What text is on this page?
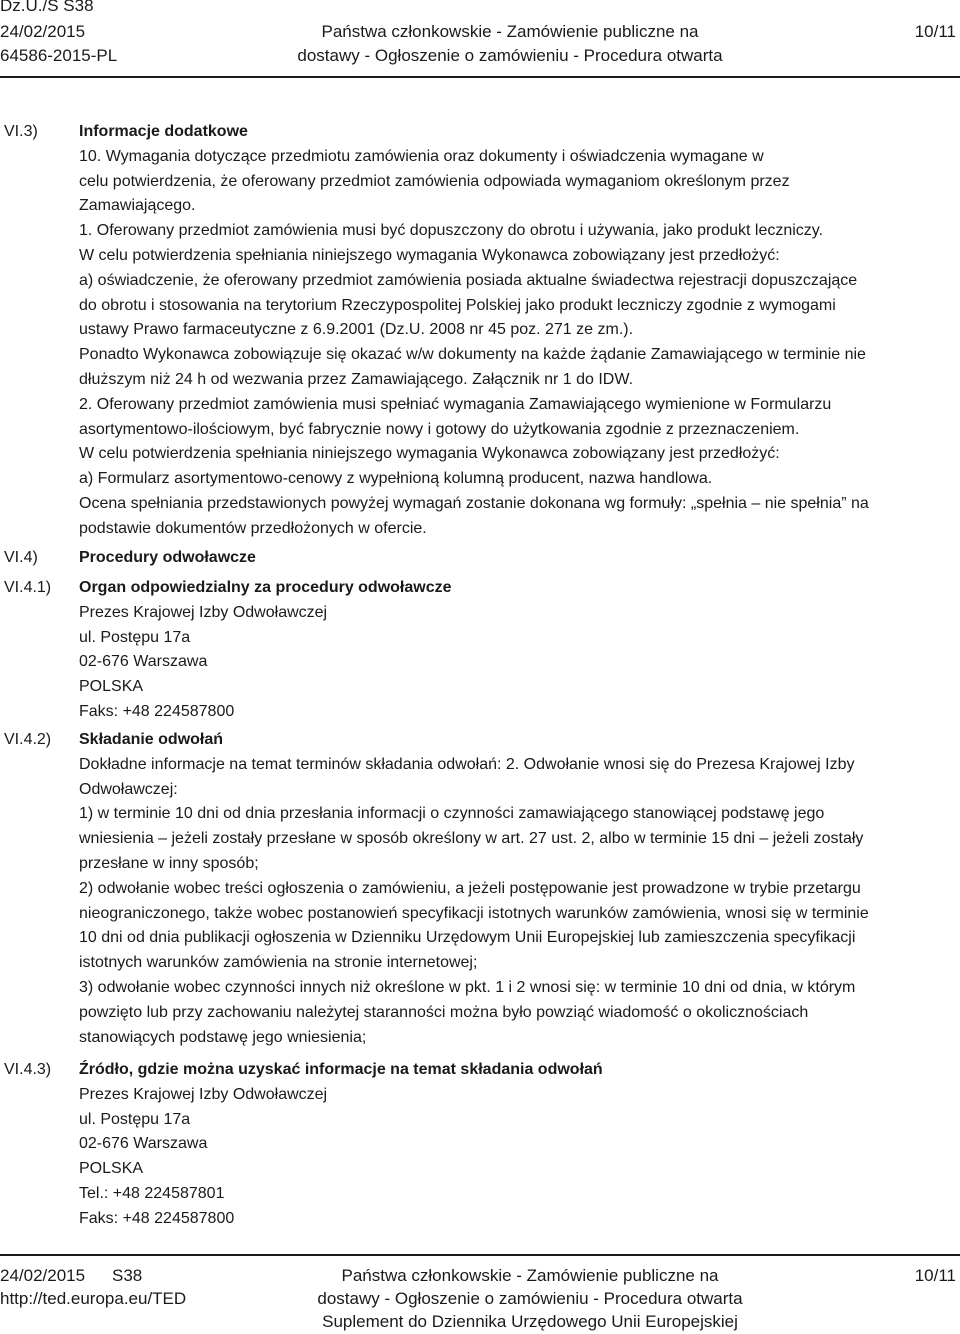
Dz.U./S S38
24/02/2015
64586-2015-PL
Państwa członkowskie - Zamówienie publiczne na
dostawy - Ogłoszenie o zamówieniu - Procedura otwarta
10/11
VI.3)
VI.4)
VI.4.1)
VI.4.2)
VI.4.3)

Informacje dodatkowe

10. Wymagania dotyczące przedmiotu zamówienia oraz dokumenty i oświadczenia wymagane w

celu potwierdzenia, że oferowany przedmiot zamówienia odpowiada wymaganiom określonym przez

Zamawiającego.

1. Oferowany przedmiot zamówienia musi być dopuszczony do obrotu i używania, jako produkt leczniczy.

W celu potwierdzenia spełniania niniejszego wymagania Wykonawca zobowiązany jest przedłożyć:

a) oświadczenie, że oferowany przedmiot zamówienia posiada aktualne świadectwa rejestracji dopuszczające

do obrotu i stosowania na terytorium Rzeczypospolitej Polskiej jako produkt leczniczy zgodnie z wymogami

ustawy Prawo farmaceutyczne z 6.9.2001 (Dz.U. 2008 nr 45 poz. 271 ze zm.).

Ponadto Wykonawca zobowiązuje się okazać w/w dokumenty na każde żądanie Zamawiającego w terminie nie

dłuższym niż 24 h od wezwania przez Zamawiającego. Załącznik nr 1 do IDW.

2. Oferowany przedmiot zamówienia musi spełniać wymagania Zamawiającego wymienione w Formularzu

asortymentowo-ilościowym, być fabrycznie nowy i gotowy do użytkowania zgodnie z przeznaczeniem.

W celu potwierdzenia spełniania niniejszego wymagania Wykonawca zobowiązany jest przedłożyć:

a) Formularz asortymentowo-cenowy z wypełnioną kolumną producent, nazwa handlowa.

Ocena spełniania przedstawionych powyżej wymagań zostanie dokonana wg formuły: „spełnia – nie spełnia” na

podstawie dokumentów przedłożonych w ofercie.

Procedury odwoławcze

Organ odpowiedzialny za procedury odwoławcze

Prezes Krajowej Izby Odwoławczej

ul. Postępu 17a

02-676 Warszawa

POLSKA

Faks: +48 224587800

Składanie odwołań

Dokładne informacje na temat terminów składania odwołań: 2. Odwołanie wnosi się do Prezesa Krajowej Izby

Odwoławczej:

1) w terminie 10 dni od dnia przesłania informacji o czynności zamawiającego stanowiącej podstawę jego

wniesienia – jeżeli zostały przesłane w sposób określony w art. 27 ust. 2, albo w terminie 15 dni – jeżeli zostały

przesłane w inny sposób;

2) odwołanie wobec treści ogłoszenia o zamówieniu, a jeżeli postępowanie jest prowadzone w trybie przetargu

nieograniczonego, także wobec postanowień specyfikacji istotnych warunków zamówienia, wnosi się w terminie

10 dni od dnia publikacji ogłoszenia w Dzienniku Urzędowym Unii Europejskiej lub zamieszczenia specyfikacji

istotnych warunków zamówienia na stronie internetowej;

3) odwołanie wobec czynności innych niż określone w pkt. 1 i 2 wnosi się: w terminie 10 dni od dnia, w którym

powzięto lub przy zachowaniu należytej staranności można było powziąć wiadomość o okolicznościach

stanowiących podstawę jego wniesienia;

Źródło, gdzie można uzyskać informacje na temat składania odwołań

Prezes Krajowej Izby Odwoławczej

ul. Postępu 17a

02-676 Warszawa

POLSKA

Tel.: +48 224587801

Faks: +48 224587800

24/02/2015 S38
http://ted.europa.eu/TED
Państwa członkowskie - Zamówienie publiczne na
dostawy - Ogłoszenie o zamówieniu - Procedura otwarta
Suplement do Dziennika Urzędowego Unii Europejskiej
10/11
